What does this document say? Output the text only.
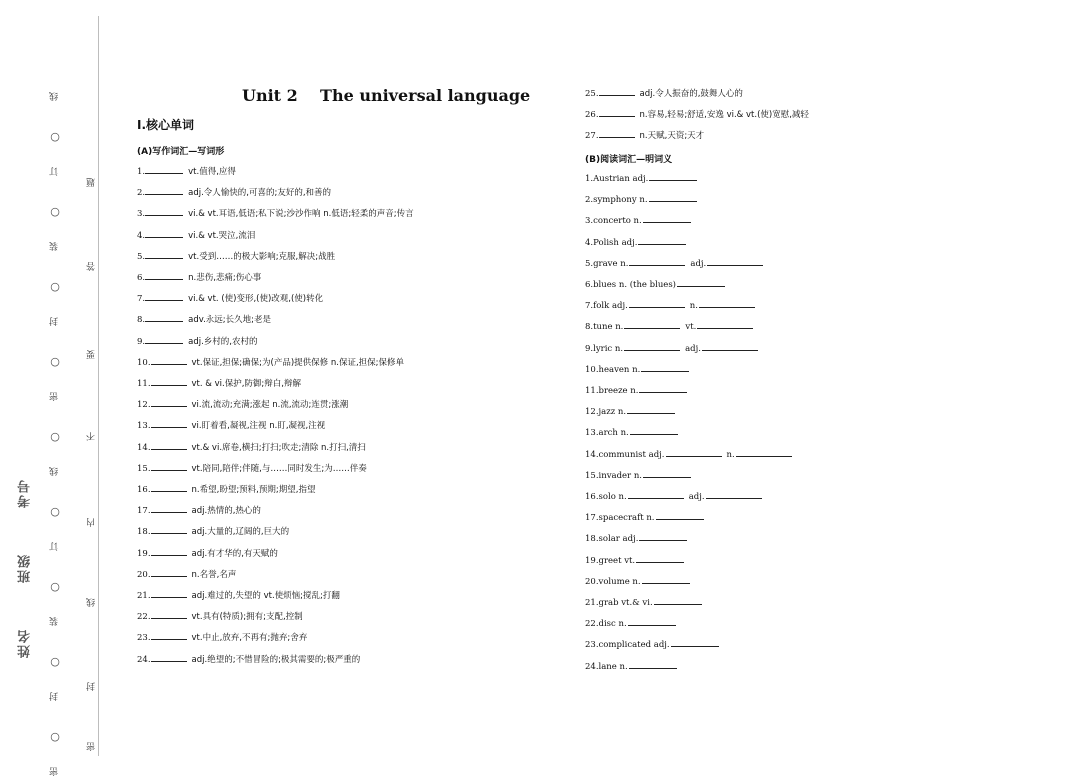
线
○
订
○
装
○
封
○
密
○
线
○
订
○
装
○
封
○
密
题
答
要
不
内
线
封
密
考号
班级
姓名
Unit 2    The universal language
Ⅰ.核心单词
(A)写作词汇—写词形
(B)阅读词汇—明词义
1.	vt.值得,应得
2.	adj.令人愉快的,可喜的;友好的,和善的
3.	vi.& vt.耳语,低语;私下说;沙沙作响 n.低语;轻柔的声音;传言
4.	vi.& vt.哭泣,流泪
5.	vt.受到……的极大影响;克服,解决;战胜
6.	n.悲伤,悲痛;伤心事
7.	vi.& vt. (使)变形,(使)改观,(使)转化
8.	adv.永远;长久地;老是
9.	adj.乡村的,农村的
10.	vt.保证,担保;确保;为(产品)提供保修 n.保证,担保;保修单
11.	vt. & vi.保护,防御;辩白,辩解
12.	vi.流,流动;充满;涨起 n.流,流动;连贯;涨潮
13.	vi.盯着看,凝视,注视 n.盯,凝视,注视
14.	vt.& vi.席卷,横扫;打扫;吹走;清除 n.打扫,清扫
15.	vt.陪同,陪伴;伴随,与……同时发生;为……伴奏
16.	n.希望,盼望;预料,预期;期望,指望
17.	adj.热情的,热心的
18.	adj.大量的,辽阔的,巨大的
19.	adj.有才华的,有天赋的
20.	n.名誉,名声
21.	adj.难过的,失望的 vt.使烦恼;搅乱;打翻
22.	vt.具有(特质);拥有;支配,控制
23.	vt.中止,放弃,不再有;抛弃;舍弃
24.	adj.绝望的;不惜冒险的;极其需要的;极严重的
25.	adj.令人振奋的,鼓舞人心的
26.	n.容易,轻易;舒适,安逸 vi.& vt.(使)宽慰,减轻
27.	n.天赋,天资;天才
1.Austrian adj.
2.symphony n.
3.concerto n.
4.Polish adj.
5.grave n.	adj.
6.blues n. (the blues)
7.folk adj.	n.
8.tune n.	vt.
9.lyric n.	adj.
10.heaven n.
11.breeze n.
12.jazz n.
13.arch n.
14.communist adj.	n.
15.invader n.
16.solo n.	adj.
17.spacecraft n.
18.solar adj.
19.greet vt.
20.volume n.
21.grab vt.& vi.
22.disc n.
23.complicated adj.
24.lane n.
